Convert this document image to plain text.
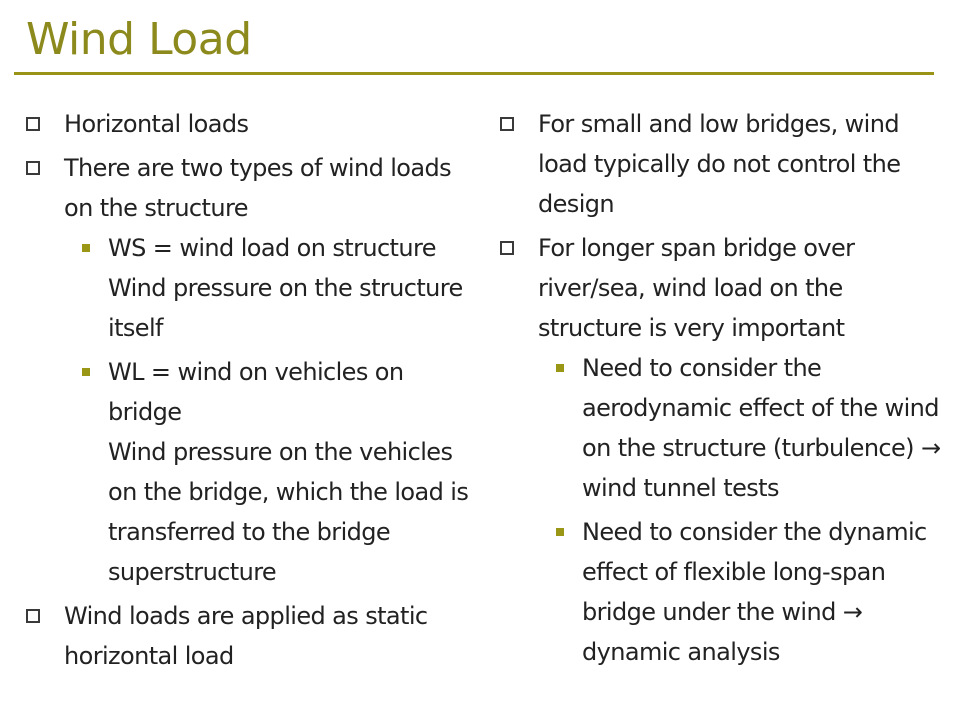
Wind Load
Horizontal loads
There are two types of wind loads on the structure
WS = wind load on structure
Wind pressure on the structure itself
WL = wind on vehicles on bridge
Wind pressure on the vehicles on the bridge, which the load is transferred to the bridge superstructure
Wind loads are applied as static horizontal load
For small and low bridges, wind load typically do not control the design
For longer span bridge over river/sea, wind load on the structure is very important
Need to consider the aerodynamic effect of the wind on the structure (turbulence) → wind tunnel tests
Need to consider the dynamic effect of flexible long-span bridge under the wind → dynamic analysis
